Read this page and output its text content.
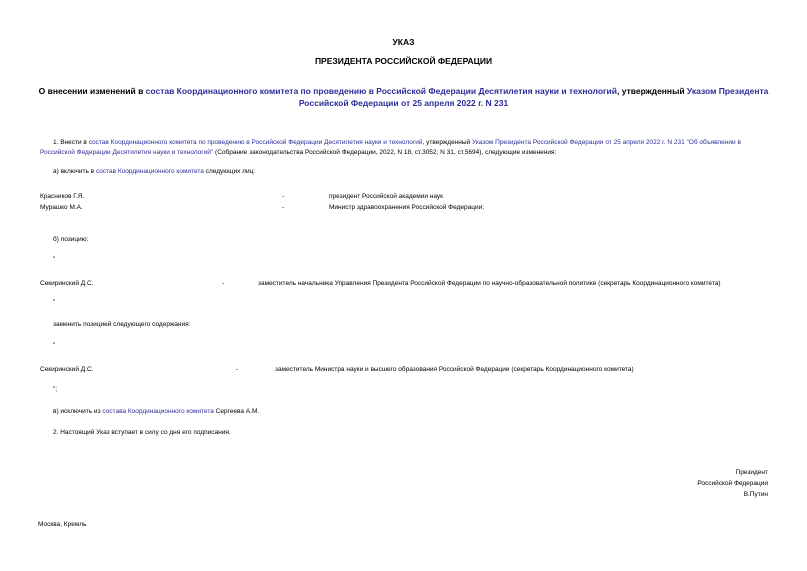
УКАЗ
ПРЕЗИДЕНТА РОССИЙСКОЙ ФЕДЕРАЦИИ
О внесении изменений в состав Координационного комитета по проведению в Российской Федерации Десятилетия науки и технологий, утвержденный Указом Президента Российской Федерации от 25 апреля 2022 г. N 231
1. Внести в состав Координационного комитета по проведению в Российской Федерации Десятилетия науки и технологий, утвержденный Указом Президента Российской Федерации от 25 апреля 2022 г. N 231 "Об объявлении в Российской Федерации Десятилетия науки и технологий" (Собрание законодательства Российской Федерации, 2022, N 18, ст.3052; N 31, ст.5694), следующие изменения:
а) включить в состав Координационного комитета следующих лиц:
Красников Г.Я.	-	президент Российской академии наук
Мурашко М.А.	-	Министр здравоохранения Российской Федерации;
б) позицию:
"
Секиринский Д.С.	-	заместитель начальника Управления Президента Российской Федерации по научно-образовательной политике (секретарь Координационного комитета)
"
заменить позицией следующего содержания:
"
Секиринский Д.С.	-	заместитель Министра науки и высшего образования Российской Федерации (секретарь Координационного комитета)
";
в) исключить из состава Координационного комитета Сергеева А.М.
2. Настоящий Указ вступает в силу со дня его подписания.
Президент
Российской Федерации
В.Путин
Москва, Кремль
